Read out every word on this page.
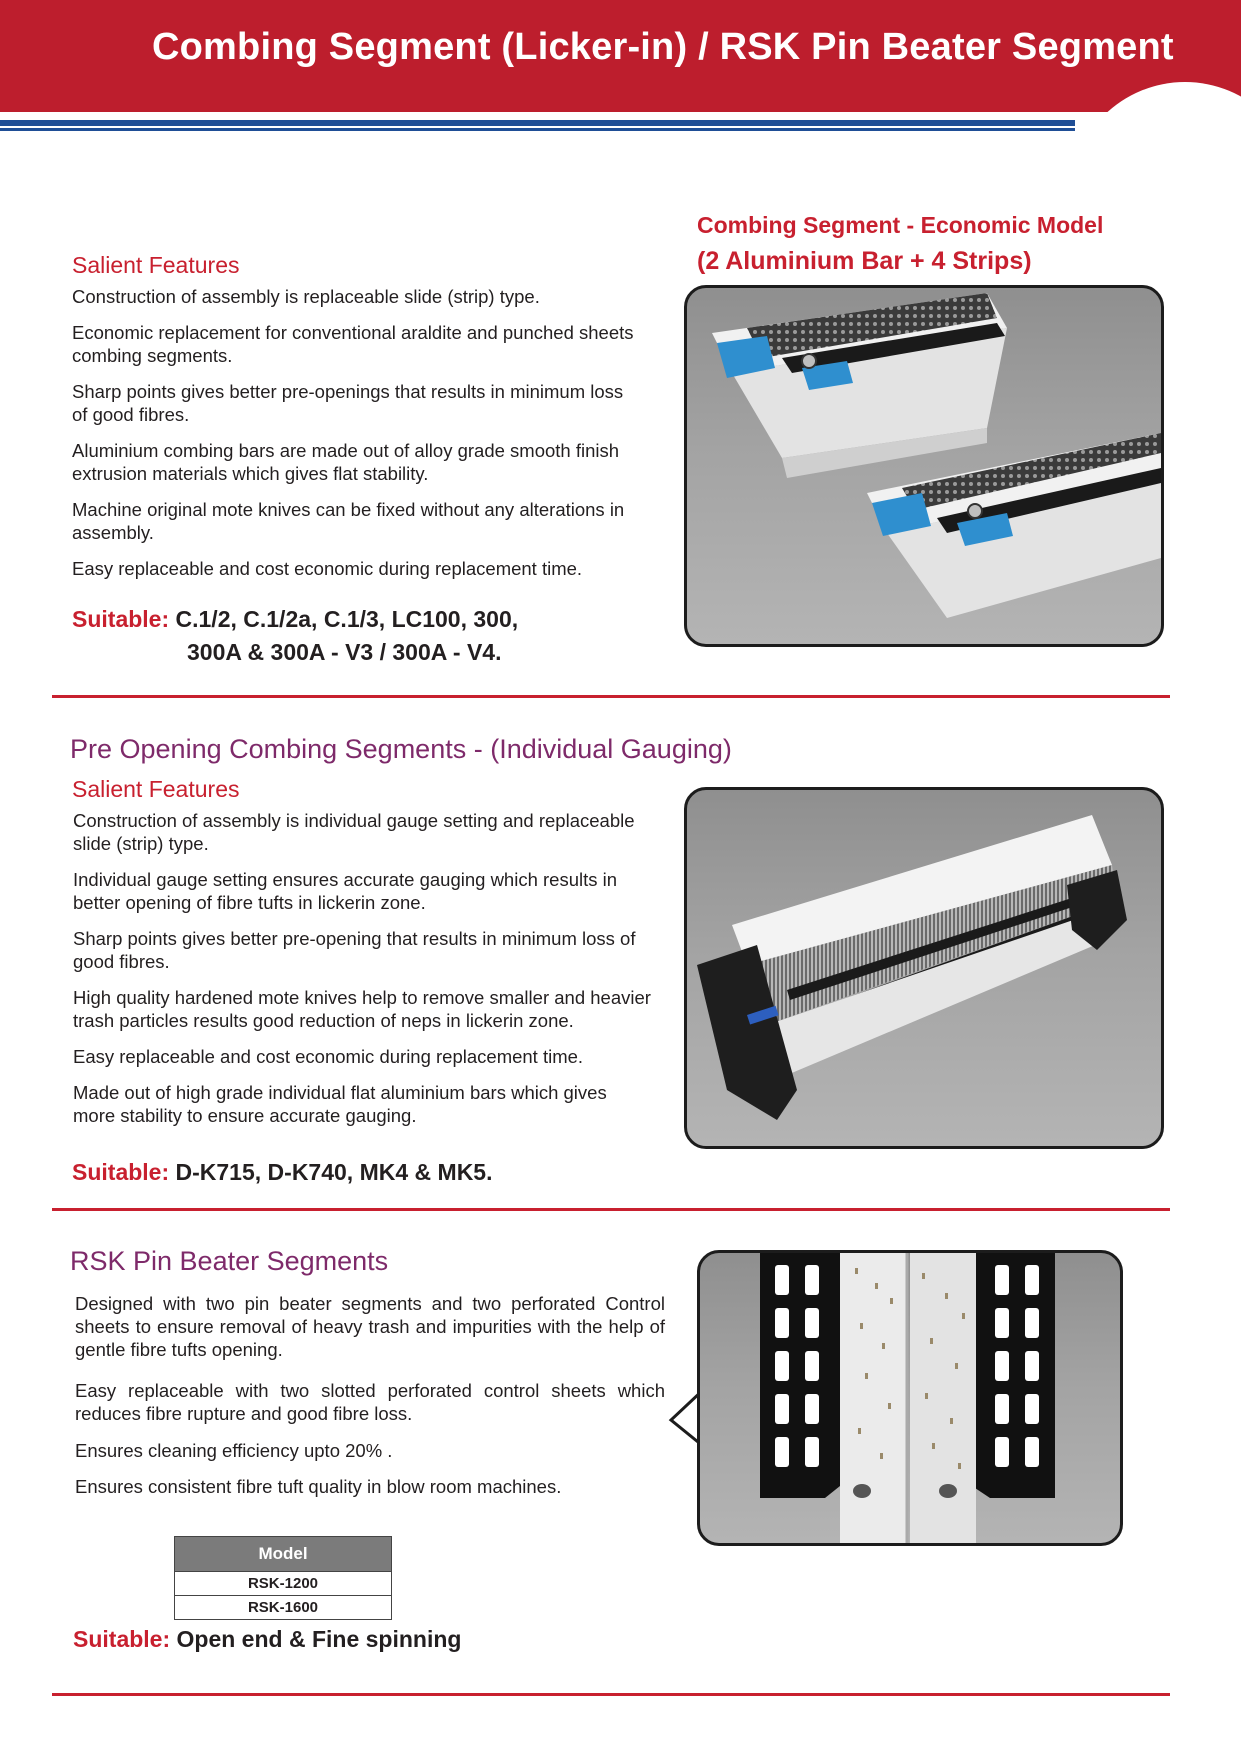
Combing Segment (Licker-in) / RSK Pin Beater Segment
Salient Features

Construction of assembly is replaceable slide (strip) type.

Economic replacement for conventional araldite and punched sheets combing segments.

Sharp points gives better pre-openings that results in minimum loss of good fibres.

Aluminium combing bars are made out of alloy grade smooth finish extrusion materials which gives flat stability.

Machine original mote knives can be fixed without any alterations in assembly.

Easy replaceable and cost economic during replacement time.

Suitable: C.1/2, C.1/2a, C.1/3, LC100, 300,
300A & 300A - V3 / 300A - V4.
Combing Segment - Economic Model
(2 Aluminium Bar + 4 Strips)
Pre Opening Combing Segments - (Individual Gauging)
Salient Features

Construction of assembly is individual gauge setting and replaceable slide (strip) type.

Individual gauge setting ensures accurate gauging which results in better opening of fibre tufts in lickerin zone.

Sharp points gives better pre-opening that results in minimum loss of good fibres.

High quality hardened mote knives help to remove smaller and heavier trash particles results good reduction of neps in lickerin zone.

Easy replaceable and cost economic during replacement time.

Made out of high grade individual flat aluminium bars which gives more stability to ensure accurate gauging.

Suitable: D-K715, D-K740, MK4 & MK5.
RSK Pin Beater Segments

Designed with two pin beater segments and two perforated Control sheets to ensure removal of heavy trash and impurities with the help of gentle fibre tufts opening.

Easy replaceable with two slotted perforated control sheets which reduces fibre rupture and good fibre loss.

Ensures cleaning efficiency upto 20% .

Ensures consistent fibre tuft quality in blow room machines.

Model
RSK-1200
RSK-1600
Suitable: Open end & Fine spinning
